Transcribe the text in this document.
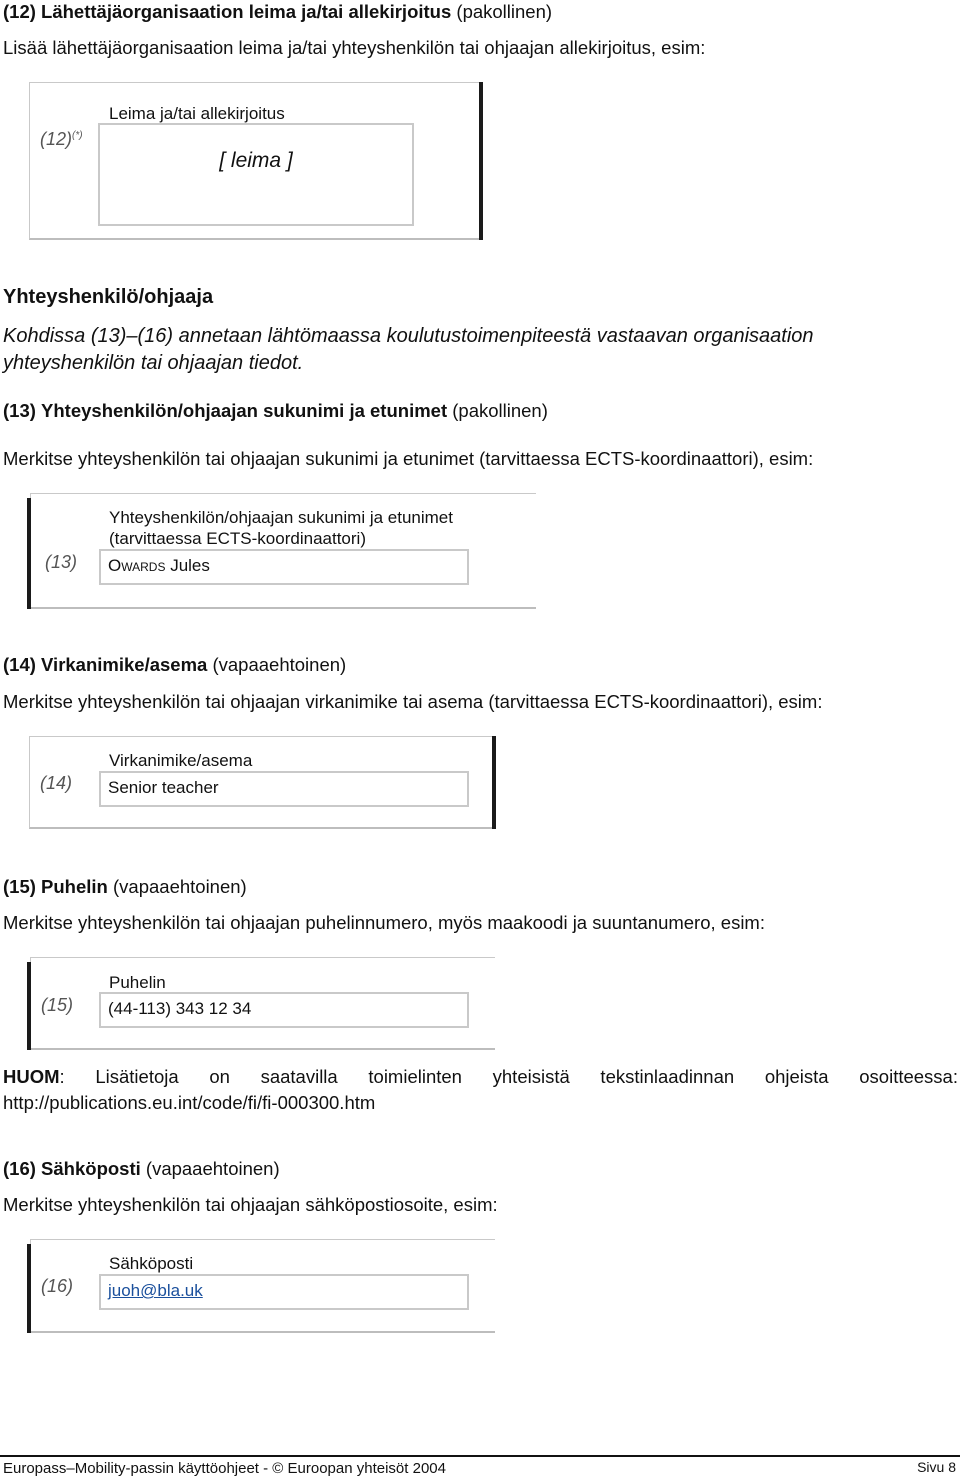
(12) Lähettäjäorganisaation leima ja/tai allekirjoitus (pakollinen)
Lisää lähettäjäorganisaation leima ja/tai yhteyshenkilön tai ohjaajan allekirjoitus, esim:
(12)(*)
Leima ja/tai allekirjoitus
[ leima ]
Yhteyshenkilö/ohjaaja
Kohdissa (13)–(16) annetaan lähtömaassa koulutustoimenpiteestä vastaavan organisaation yhteyshenkilön tai ohjaajan tiedot.
(13) Yhteyshenkilön/ohjaajan sukunimi ja etunimet (pakollinen)
Merkitse yhteyshenkilön tai ohjaajan sukunimi ja etunimet (tarvittaessa ECTS-koordinaattori), esim:
(13)
Yhteyshenkilön/ohjaajan sukunimi ja etunimet (tarvittaessa ECTS-koordinaattori)
Owards Jules
(14) Virkanimike/asema (vapaaehtoinen)
Merkitse yhteyshenkilön tai ohjaajan virkanimike tai asema (tarvittaessa ECTS-koordinaattori), esim:
(14)
Virkanimike/asema
Senior teacher
(15) Puhelin (vapaaehtoinen)
Merkitse yhteyshenkilön tai ohjaajan puhelinnumero, myös maakoodi ja suuntanumero, esim:
(15)
Puhelin
(44-113) 343 12 34
HUOM: Lisätietoja on saatavilla toimielinten yhteisistä tekstinlaadinnan ohjeista osoitteessa:
http://publications.eu.int/code/fi/fi-000300.htm
(16) Sähköposti (vapaaehtoinen)
Merkitse yhteyshenkilön tai ohjaajan sähköpostiosoite, esim:
(16)
Sähköposti
juoh@bla.uk
Europass–Mobility-passin käyttöohjeet - © Euroopan yhteisöt 2004	Sivu 8
